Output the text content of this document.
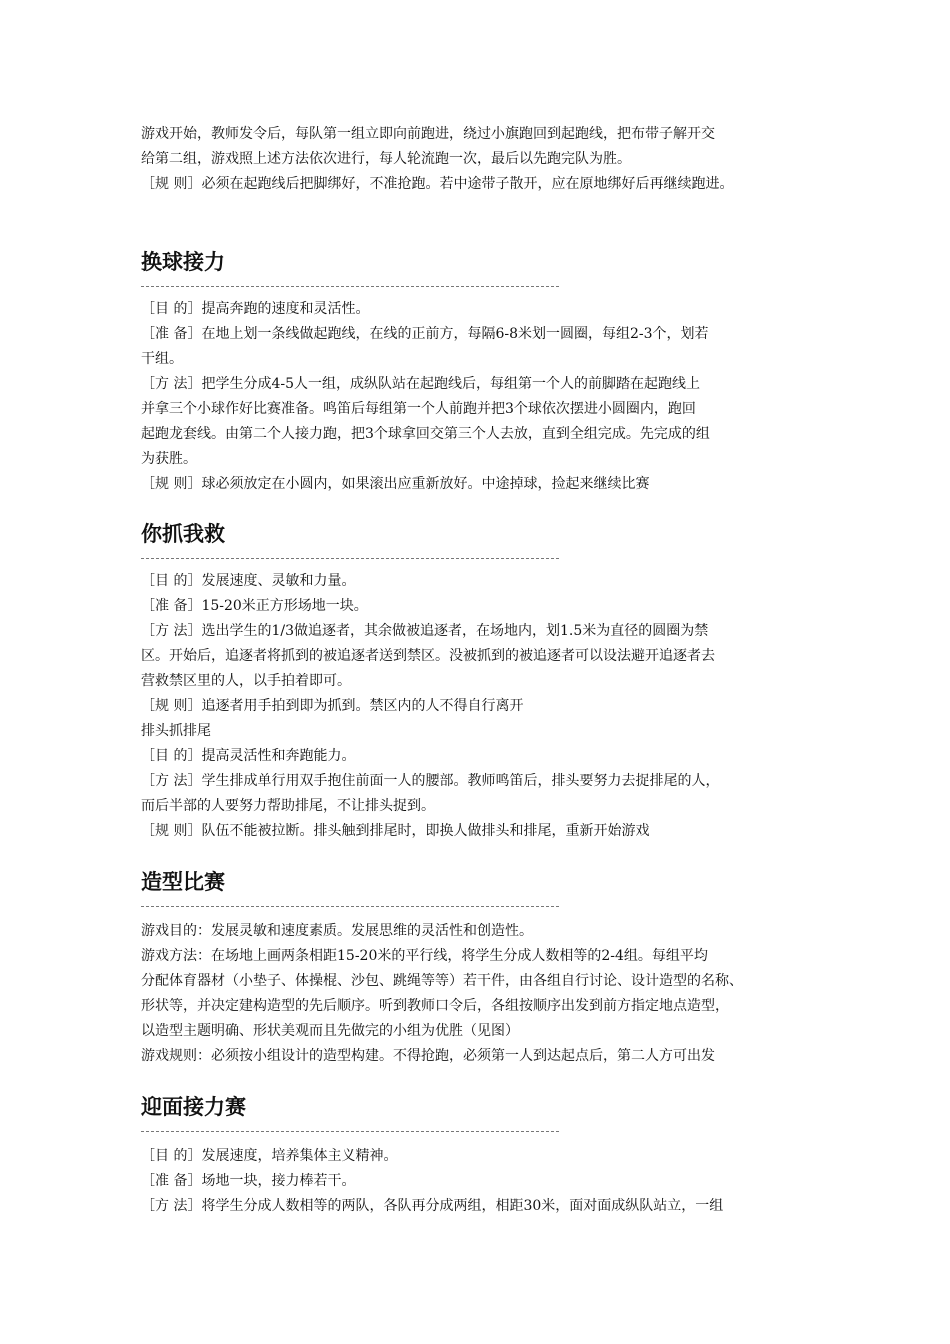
游戏开始，教师发令后，每队第一组立即向前跑进，绕过小旗跑回到起跑线，把布带子解开交
给第二组，游戏照上述方法依次进行，每人轮流跑一次，最后以先跑完队为胜。
［规 则］必须在起跑线后把脚绑好，不准抢跑。若中途带子散开，应在原地绑好后再继续跑进。
换球接力
［目 的］提高奔跑的速度和灵活性。
［准 备］在地上划一条线做起跑线，在线的正前方，每隔6-8米划一圆圈，每组2-3个，划若
干组。
［方 法］把学生分成4-5人一组，成纵队站在起跑线后，每组第一个人的前脚踏在起跑线上
并拿三个小球作好比赛准备。鸣笛后每组第一个人前跑并把3个球依次摆进小圆圈内，跑回
起跑龙套线。由第二个人接力跑，把3个球拿回交第三个人去放，直到全组完成。先完成的组
为获胜。
［规 则］球必须放定在小圆内，如果滚出应重新放好。中途掉球，捡起来继续比赛
你抓我救
［目 的］发展速度、灵敏和力量。
［准 备］15-20米正方形场地一块。
［方 法］选出学生的1/3做追逐者，其余做被追逐者，在场地内，划1.5米为直径的圆圈为禁
区。开始后，追逐者将抓到的被追逐者送到禁区。没被抓到的被追逐者可以设法避开追逐者去
营救禁区里的人，以手拍着即可。
［规 则］追逐者用手拍到即为抓到。禁区内的人不得自行离开
排头抓排尾
［目 的］提高灵活性和奔跑能力。
［方 法］学生排成单行用双手抱住前面一人的腰部。教师鸣笛后，排头要努力去捉排尾的人，
而后半部的人要努力帮助排尾，不让排头捉到。
［规 则］队伍不能被拉断。排头触到排尾时，即换人做排头和排尾，重新开始游戏
造型比赛
游戏目的：发展灵敏和速度素质。发展思维的灵活性和创造性。
游戏方法：在场地上画两条相距15-20米的平行线，将学生分成人数相等的2-4组。每组平均
分配体育器材（小垫子、体操棍、沙包、跳绳等等）若干件，由各组自行讨论、设计造型的名称、
形状等，并决定建构造型的先后顺序。听到教师口令后，各组按顺序出发到前方指定地点造型，
以造型主题明确、形状美观而且先做完的小组为优胜（见图）
游戏规则：必须按小组设计的造型构建。不得抢跑，必须第一人到达起点后，第二人方可出发
迎面接力赛
［目 的］发展速度，培养集体主义精神。
［准 备］场地一块，接力棒若干。
［方 法］将学生分成人数相等的两队，各队再分成两组，相距30米，面对面成纵队站立，一组
